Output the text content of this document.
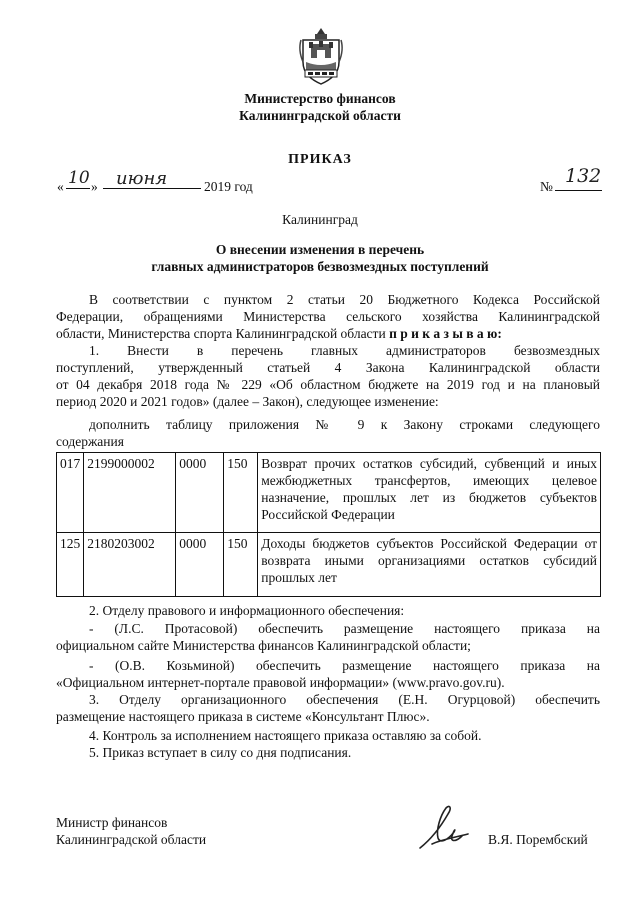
Министерство финансов
Калининградской области
ПРИКАЗ
« 10 » июня	2019 год	№ 132
Калининград
О внесении изменения в перечень
главных администраторов безвозмездных поступлений
В соответствии с пунктом 2 статьи 20 Бюджетного Кодекса Российской
Федерации, обращениями Министерства сельского хозяйства Калининградской
области, Министерства спорта Калининградской области п р и к а з ы в а ю:
1. Внести в перечень главных администраторов безвозмездных
поступлений, утвержденный статьей 4 Закона Калининградской области
от 04 декабря 2018 года № 229 «Об областном бюджете на 2019 год и на плановый
период 2020 и 2021 годов» (далее – Закон), следующее изменение:
дополнить таблицу приложения № 9 к Закону строками следующего
содержания
017	2199000002	0000	150	Возврат прочих остатков субсидий, субвенций и иных межбюджетных трансфертов, имеющих целевое назначение, прошлых лет из бюджетов субъектов Российской Федерации
125	2180203002	0000	150	Доходы бюджетов субъектов Российской Федерации от возврата иными организациями остатков субсидий прошлых лет
2. Отделу правового и информационного обеспечения:
- (Л.С. Протасовой) обеспечить размещение настоящего приказа на
официальном сайте Министерства финансов Калининградской области;
- (О.В. Козьминой) обеспечить размещение настоящего приказа на
«Официальном интернет-портале правовой информации» (www.pravo.gov.ru).
3. Отделу организационного обеспечения (Е.Н. Огурцовой) обеспечить
размещение настоящего приказа в системе «Консультант Плюс».
4. Контроль за исполнением настоящего приказа оставляю за собой.
5. Приказ вступает в силу со дня подписания.
Министр финансов
Калининградской области	В.Я. Порембский
